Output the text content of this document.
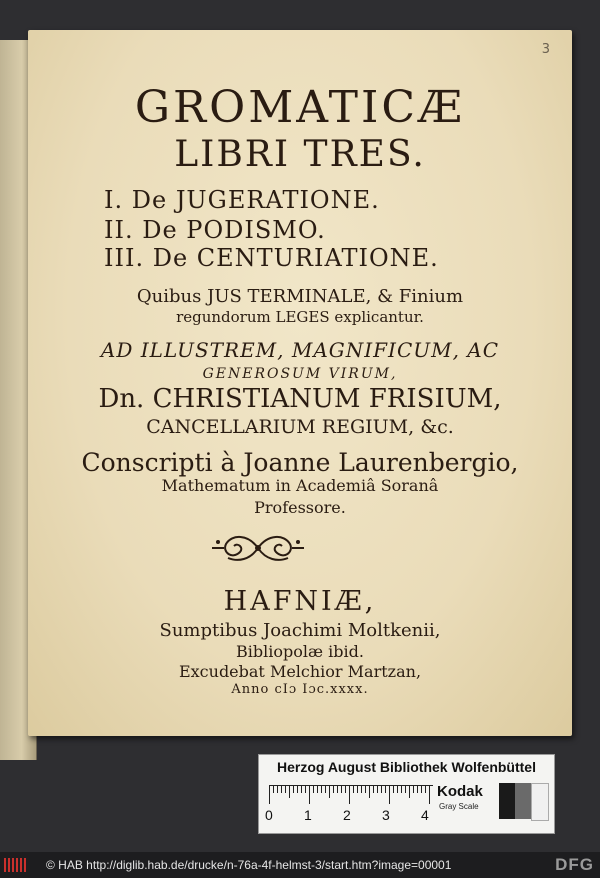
3
GROMATICÆ
LIBRI TRES.
I. De JUGERATIONE.
II. De PODISMO.
III. De CENTURIATIONE.
Quibus JUS TERMINALE, & Finium
regundorum LEGES explicantur.
AD ILLUSTREM, MAGNIFICUM, AC
GENEROSUM VIRUM,
Dn. CHRISTIANUM FRISIUM,
CANCELLARIUM REGIUM, &c.
Conscripti à Joanne Laurenbergio,
Mathematum in Academiâ Soranâ
Professore.
HAFNIÆ,
Sumptibus Joachimi Moltkenii,
Bibliopolæ ibid.
Excudebat Melchior Martzan,
Anno cIɔ Iɔc.xxxx.
Herzog August Bibliothek Wolfenbüttel
0 1 2 3 4
Kodak
Gray Scale
© HAB http://diglib.hab.de/drucke/n-76a-4f-helmst-3/start.htm?image=00001	DFG
